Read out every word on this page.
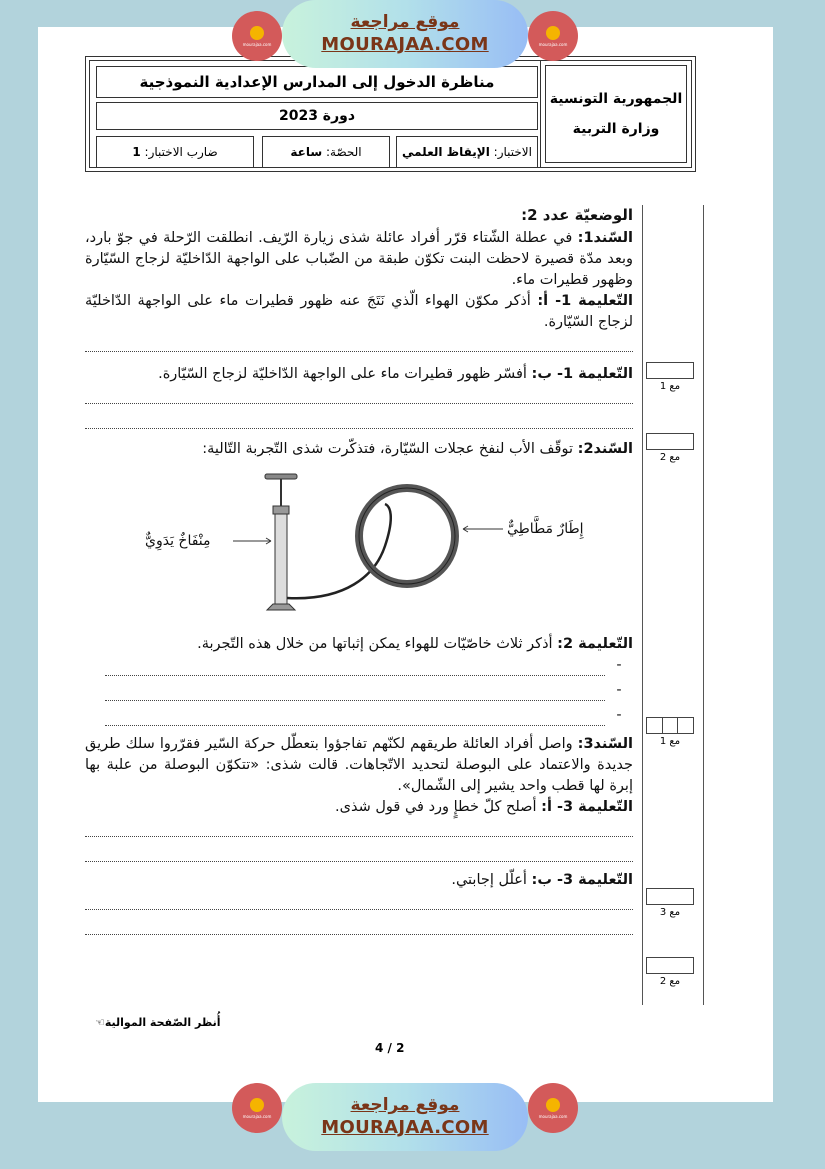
mourajaa.com
موقع مراجعة
MOURAJAA.COM	mourajaa.com
الجمهورية التونسية
وزارة التربية
مناظرة الدخول إلى المدارس الإعدادية النموذجية
دورة 2023
الاختبار:

الإيقاظ العلمي
الحصّة:

ساعة
ضارب الاختبار:

1
مع 1
مع 2
مع 1
مع 3
مع 2

الوضعيّة عدد 2:

السّند1: في عطلة الشّتاء قرّر أفراد عائلة شذى زيارة الرّيف. انطلقت الرّحلة في جوّ بارد، وبعد مدّة قصيرة لاحظت البنت تكوّن طبقة من الضّباب على الواجهة الدّاخليّة لزجاج السّيّارة وظهور قطيرات ماء.

التّعليمة 1- أ: أذكر مكوّن الهواء الّذي نَتَجَ عنه ظهور قطيرات ماء على الواجهة الدّاخليّة لزجاج السّيّارة.

التّعليمة 1- ب: أفسّر ظهور قطيرات ماء على الواجهة الدّاخليّة لزجاج السّيّارة.

السّند2: توقّف الأب لنفخ عجلات السّيّارة، فتذكّرت شذى التّجربة التّالية:

مِنْفَاخٌ يَدَوِيٌّ
إِطَارٌ مَطَّاطِيٌّ

التّعليمة 2: أذكر ثلاث خاصّيّات للهواء يمكن إثباتها من خلال هذه التّجربة.

-
-
-

السّند3: واصل أفراد العائلة طريقهم لكنّهم تفاجؤوا بتعطّل حركة السّير فقرّروا سلك طريق جديدة والاعتماد على البوصلة لتحديد الاتّجاهات. قالت شذى: «تتكوّن البوصلة من علبة بها إبرة لها قطب واحد يشير إلى الشّمال».

التّعليمة 3- أ: أصلح كلّ خطإٍ ورد في قول شذى.

التّعليمة 3- ب: أعلّل إجابتي.

أُنظر الصّفحة الموالية☜
4 / 2
mourajaa.com
موقع مراجعة
MOURAJAA.COM
mourajaa.com
